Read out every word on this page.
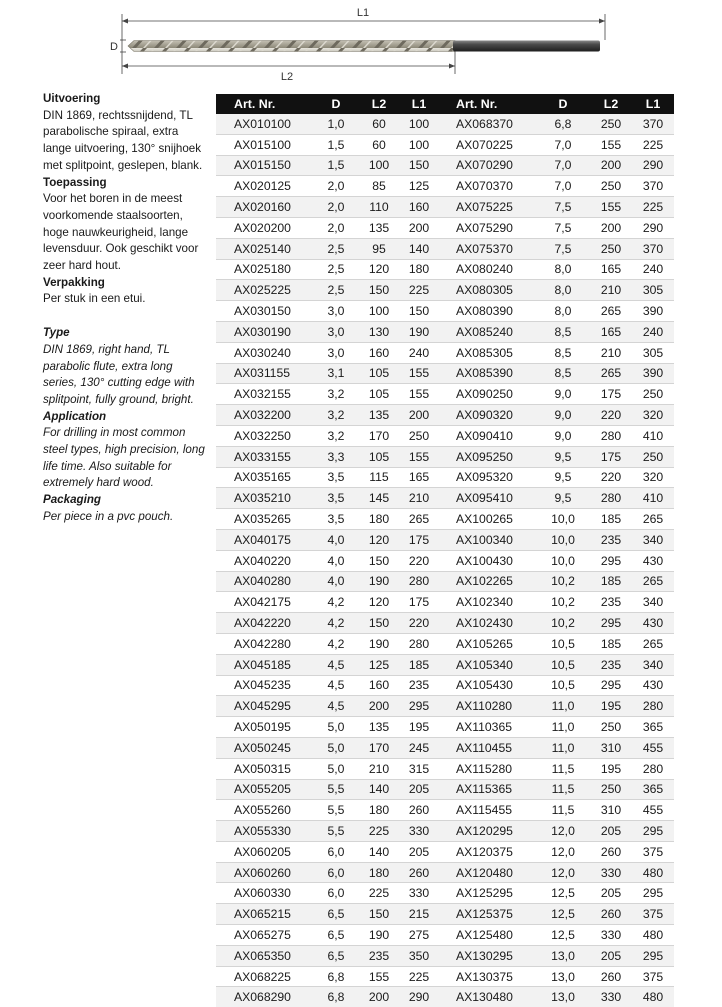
L1
L2
D
Uitvoering
DIN 1869, rechtssnijdend, TL parabolische spiraal, extra lange uitvoering, 130° snijhoek met splitpoint, geslepen, blank.
Toepassing
Voor het boren in de meest voorkomende staalsoorten, hoge nauwkeurigheid, lange levensduur. Ook geschikt voor zeer hard hout.
Verpakking
Per stuk in een etui.
Type
DIN 1869, right hand, TL parabolic flute, extra long series, 130° cutting edge with splitpoint, fully ground, bright.
Application
For drilling in most common steel types, high precision, long life time. Also suitable for extremely hard wood.
Packaging
Per piece in a pvc pouch.
Art. Nr.	D	L2	L1	Art. Nr.	D	L2	L1
AX010100	1,0	60	100	AX068370	6,8	250	370
AX015100	1,5	60	100	AX070225	7,0	155	225
AX015150	1,5	100	150	AX070290	7,0	200	290
AX020125	2,0	85	125	AX070370	7,0	250	370
AX020160	2,0	110	160	AX075225	7,5	155	225
AX020200	2,0	135	200	AX075290	7,5	200	290
AX025140	2,5	95	140	AX075370	7,5	250	370
AX025180	2,5	120	180	AX080240	8,0	165	240
AX025225	2,5	150	225	AX080305	8,0	210	305
AX030150	3,0	100	150	AX080390	8,0	265	390
AX030190	3,0	130	190	AX085240	8,5	165	240
AX030240	3,0	160	240	AX085305	8,5	210	305
AX031155	3,1	105	155	AX085390	8,5	265	390
AX032155	3,2	105	155	AX090250	9,0	175	250
AX032200	3,2	135	200	AX090320	9,0	220	320
AX032250	3,2	170	250	AX090410	9,0	280	410
AX033155	3,3	105	155	AX095250	9,5	175	250
AX035165	3,5	115	165	AX095320	9,5	220	320
AX035210	3,5	145	210	AX095410	9,5	280	410
AX035265	3,5	180	265	AX100265	10,0	185	265
AX040175	4,0	120	175	AX100340	10,0	235	340
AX040220	4,0	150	220	AX100430	10,0	295	430
AX040280	4,0	190	280	AX102265	10,2	185	265
AX042175	4,2	120	175	AX102340	10,2	235	340
AX042220	4,2	150	220	AX102430	10,2	295	430
AX042280	4,2	190	280	AX105265	10,5	185	265
AX045185	4,5	125	185	AX105340	10,5	235	340
AX045235	4,5	160	235	AX105430	10,5	295	430
AX045295	4,5	200	295	AX110280	11,0	195	280
AX050195	5,0	135	195	AX110365	11,0	250	365
AX050245	5,0	170	245	AX110455	11,0	310	455
AX050315	5,0	210	315	AX115280	11,5	195	280
AX055205	5,5	140	205	AX115365	11,5	250	365
AX055260	5,5	180	260	AX115455	11,5	310	455
AX055330	5,5	225	330	AX120295	12,0	205	295
AX060205	6,0	140	205	AX120375	12,0	260	375
AX060260	6,0	180	260	AX120480	12,0	330	480
AX060330	6,0	225	330	AX125295	12,5	205	295
AX065215	6,5	150	215	AX125375	12,5	260	375
AX065275	6,5	190	275	AX125480	12,5	330	480
AX065350	6,5	235	350	AX130295	13,0	205	295
AX068225	6,8	155	225	AX130375	13,0	260	375
AX068290	6,8	200	290	AX130480	13,0	330	480
